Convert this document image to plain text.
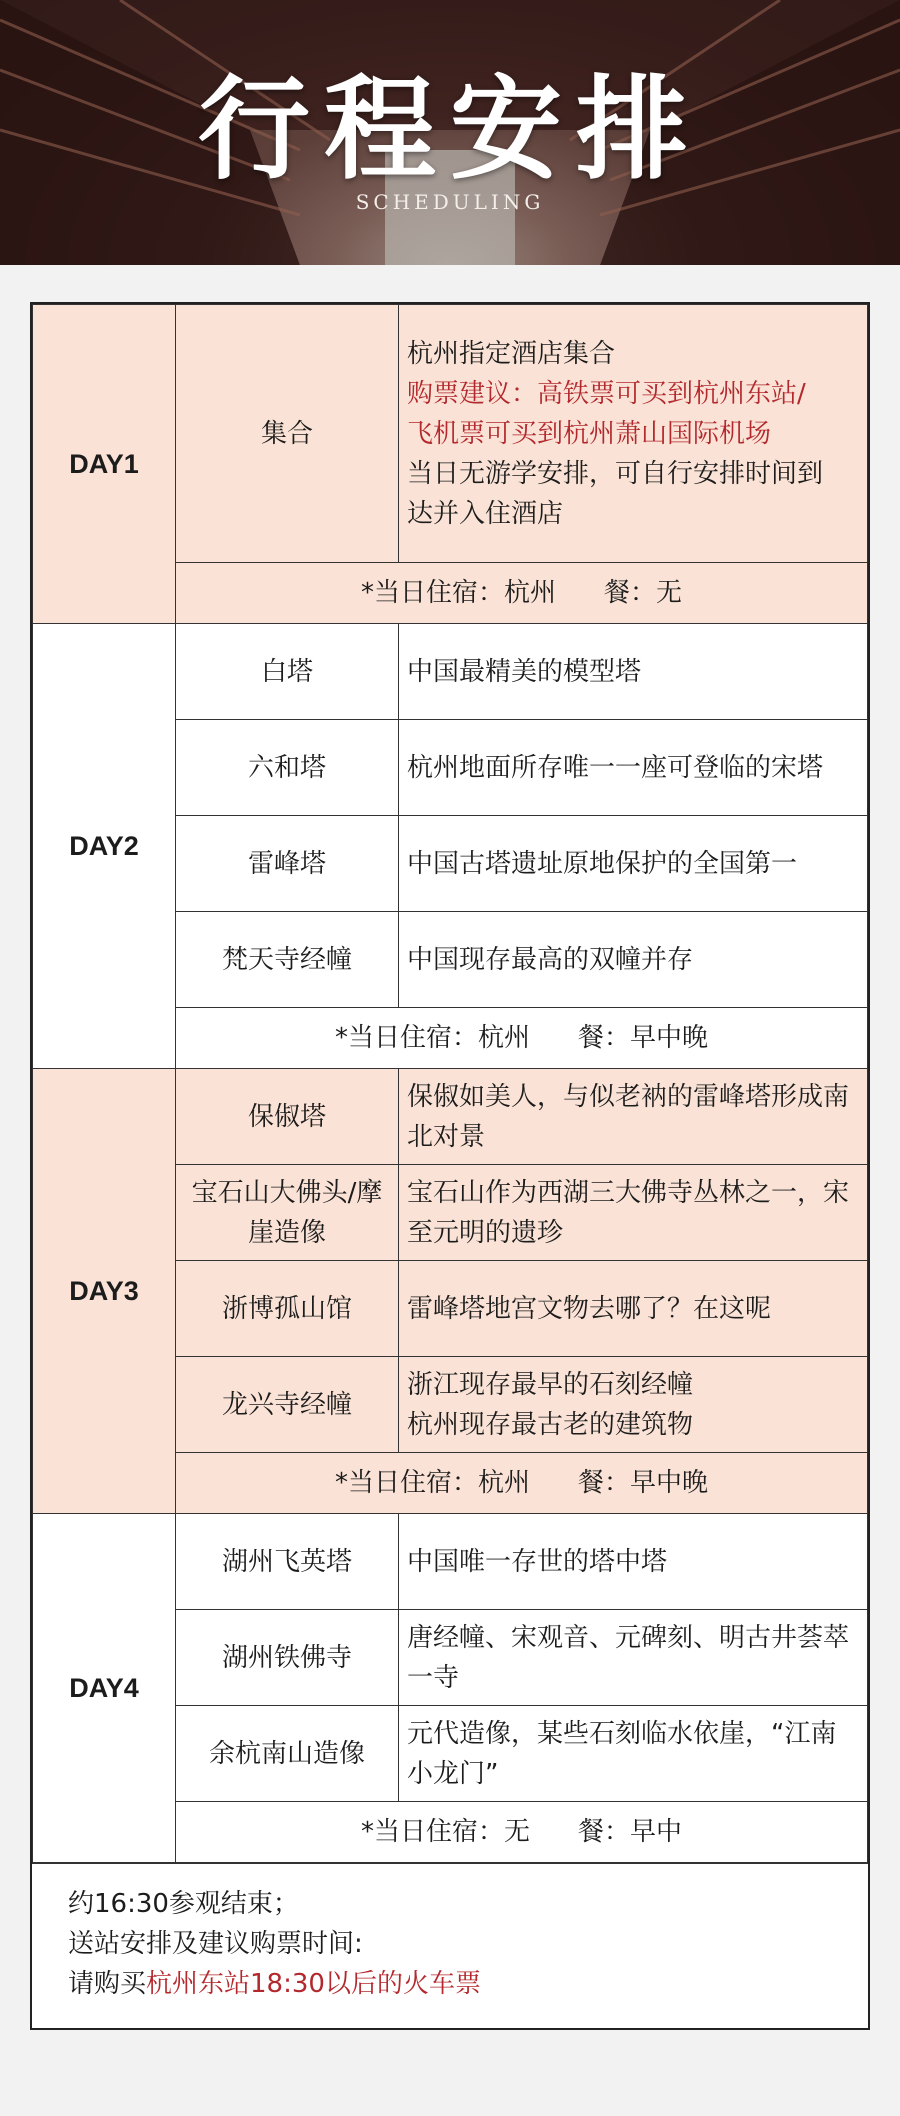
行程安排
SCHEDULING
DAY1	集合	杭州指定酒店集合
购票建议：高铁票可买到杭州东站/
飞机票可买到杭州萧山国际机场
当日无游学安排，可自行安排时间到
达并入住酒店

	*当日住宿：杭州 餐：无	
DAY2	白塔	中国最精美的模型塔

	六和塔	杭州地面所存唯一一座可登临的宋塔

	雷峰塔	中国古塔遗址原地保护的全国第一

	梵天寺经幢	中国现存最高的双幢并存

	*当日住宿：杭州 餐：早中晚	
DAY3	保俶塔	保俶如美人，与似老衲的雷峰塔形成南
北对景

	宝石山大佛头/摩崖造像	宝石山作为西湖三大佛寺丛林之一，宋
至元明的遗珍

	浙博孤山馆	雷峰塔地宫文物去哪了？在这呢

	龙兴寺经幢	浙江现存最早的石刻经幢
杭州现存最古老的建筑物

	*当日住宿：杭州 餐：早中晚	
DAY4	湖州飞英塔	中国唯一存世的塔中塔

	湖州铁佛寺	唐经幢、宋观音、元碑刻、明古井荟萃
一寺

	余杭南山造像	元代造像，某些石刻临水依崖，“江南
小龙门”

	*当日住宿：无 餐：早中	
约16:30参观结束；
送站安排及建议购票时间:
请购买杭州东站18:30以后的火车票
